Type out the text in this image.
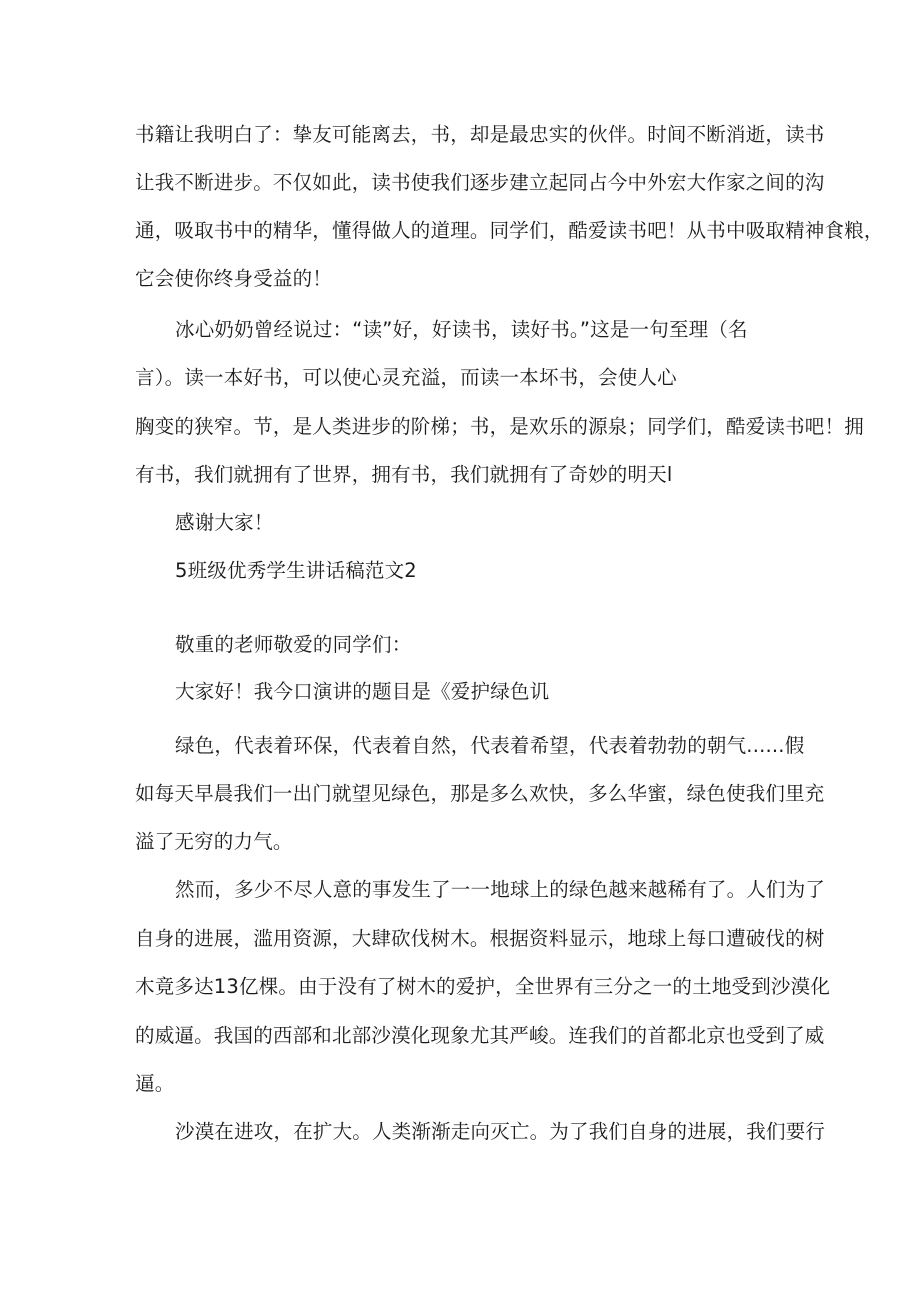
书籍让我明白了：挚友可能离去，书，却是最忠实的伙伴。时间不断消逝，读书
让我不断进步。不仅如此，读书使我们逐步建立起同占今中外宏大作家之间的沟
通，吸取书中的精华，懂得做人的道理。同学们，酷爱读书吧！从书中吸取精神食粮，
它会使你终身受益的！
冰心奶奶曾经说过：“读”好，好读书，读好书。”这是一句至理（名
言）。读一本好书，可以使心灵充溢，而读一本坏书，会使人心
胸变的狭窄。节，是人类进步的阶梯；书，是欢乐的源泉；同学们，酷爱读书吧！拥
有书，我们就拥有了世界，拥有书，我们就拥有了奇妙的明天l
感谢大家！
5班级优秀学生讲话稿范文2
敬重的老师敬爱的同学们：
大家好！我今口演讲的题目是《爱护绿色讥
绿色，代表着环保，代表着自然，代表着希望，代表着勃勃的朝气......假
如每天早晨我们一出门就望见绿色，那是多么欢快，多么华蜜，绿色使我们里充
溢了无穷的力气。
然而，多少不尽人意的事发生了一一地球上的绿色越来越稀有了。人们为了
自身的进展，滥用资源，大肆砍伐树木。根据资料显示，地球上每口遭破伐的树
木竟多达13亿棵。由于没有了树木的爱护，全世界有三分之一的土地受到沙漠化
的威逼。我国的西部和北部沙漠化现象尤其严峻。连我们的首都北京也受到了威
逼。
沙漠在进攻，在扩大。人类渐渐走向灭亡。为了我们自身的进展，我们要行
